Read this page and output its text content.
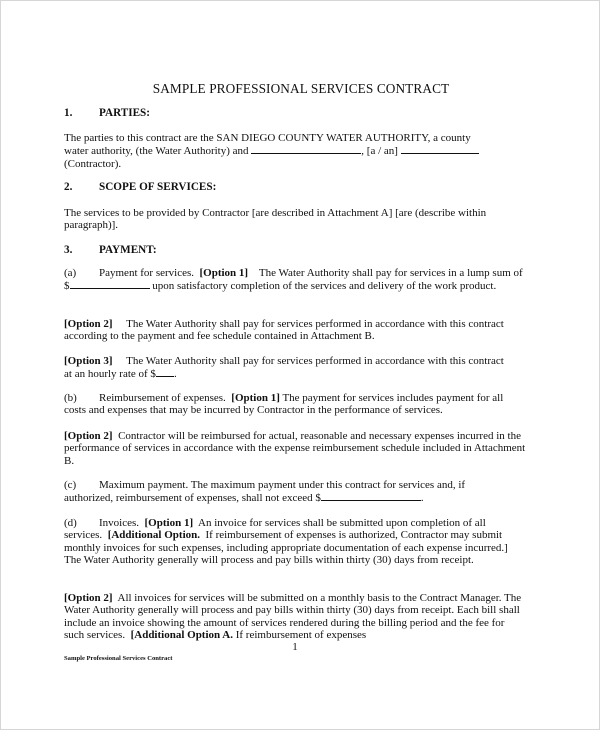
SAMPLE PROFESSIONAL SERVICES CONTRACT
1. PARTIES:
The parties to this contract are the SAN DIEGO COUNTY WATER AUTHORITY, a county
water authority, (the Water Authority) and	, [a / an]
(Contractor).
2. SCOPE OF SERVICES:
The services to be provided by Contractor [are described in Attachment A] [are (describe within paragraph)].
3. PAYMENT:
(a) Payment for services. [Option 1] The Water Authority shall pay for services in a lump sum of $	upon satisfactory completion of the services and delivery of the work product.
[Option 2] The Water Authority shall pay for services performed in accordance with this contract according to the payment and fee schedule contained in Attachment B.
[Option 3] The Water Authority shall pay for services performed in accordance with this contract at an hourly rate of $ .
(b) Reimbursement of expenses. [Option 1] The payment for services includes payment for all costs and expenses that may be incurred by Contractor in the performance of services.
[Option 2] Contractor will be reimbursed for actual, reasonable and necessary expenses incurred in the performance of services in accordance with the expense reimbursement schedule included in Attachment B.
(c) Maximum payment. The maximum payment under this contract for services and, if authorized, reimbursement of expenses, shall not exceed $	.
(d) Invoices. [Option 1] An invoice for services shall be submitted upon completion of all services. [Additional Option. If reimbursement of expenses is authorized, Contractor may submit monthly invoices for such expenses, including appropriate documentation of each expense incurred.]   The Water Authority generally will process and pay bills within thirty (30) days from receipt.
[Option 2] All invoices for services will be submitted on a monthly basis to the Contract Manager. The Water Authority generally will process and pay bills within thirty (30) days from receipt. Each bill shall include an invoice showing the amount of services rendered during the billing period and the fee for such services. [Additional Option A. If reimbursement of expenses
1
Sample Professional Services Contract
